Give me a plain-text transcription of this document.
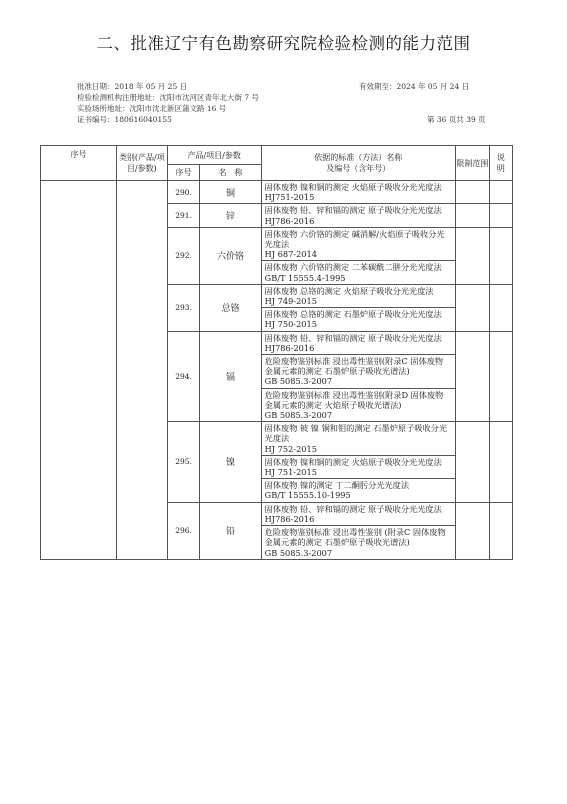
二、批准辽宁有色勘察研究院检验检测的能力范围
批准日期：2018 年 05 月 25 日	有效期至：2024 年 05 月 24 日
检验检测机构注册地址：沈阳市沈河区青年北大街 7 号
实验场所地址：沈阳市沈北新区蒲文路 16 号
证书编号：180616040155	第 36 页共 39 页
序号	类别(产品/项目/参数)	产品/项目/参数		依据的标准（方法）名称
及编号（含年号）	限制范围	说　明
		序号	名　称			
		290.	铜	固体废物 镍和铜的测定 火焰原子吸收分光光度法
HJ751-2015		

		291.	锌	固体废物 铅、锌和镉的测定 原子吸收分光光度法
HJ786-2016		

		292.	六价铬	固体废物 六价铬的测定 碱消解/火焰原子吸收分光光度法
HJ 687-2014		

				固体废物 六价铬的测定 二苯碳酰二肼分光光度法
GB/T 15555.4-1995		

		293.	总铬	固体废物 总铬的测定 火焰原子吸收分光光度法
HJ 749-2015		

				固体废物 总铬的测定 石墨炉原子吸收分光光度法
HJ 750-2015		

		294.	镉	固体废物 铅、锌和镉的测定 原子吸收分光光度法
HJ786-2016		

				危险废物鉴别标准 浸出毒性鉴别(附录C 固体废物 金属元素的测定 石墨炉原子吸收光谱法)
GB 5085.3-2007		

				危险废物鉴别标准 浸出毒性鉴别(附录D 固体废物 金属元素的测定 火焰原子吸收光谱法)
GB 5085.3-2007		

		295.	镍	固体废物 铍 镍 铜和钼的测定 石墨炉原子吸收分光光度法
HJ 752-2015		

				固体废物 镍和铜的测定 火焰原子吸收分光光度法
HJ 751-2015		

				固体废物 镍的测定 丁二酮肟分光光度法
GB/T 15555.10-1995		

		296.	铅	固体废物 铅、锌和镉的测定 原子吸收分光光度法
HJ786-2016		

				危险废物鉴别标准 浸出毒性鉴别 (附录C 固体废物 金属元素的测定 石墨炉原子吸收光谱法)
GB 5085.3-2007		
